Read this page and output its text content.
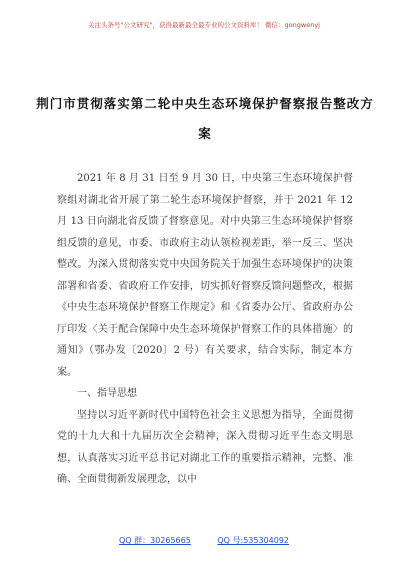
关注头条号"公文研究"，获得最新最全最专业的公文资料库！ 微信：gongwenyj
荆门市贯彻落实第二轮中央生态环境保护督察报告整改方
案

2021 年 8 月 31 日至 9 月 30 日，中央第三生态环境保护督察组对湖北省开展了第二轮生态环境保护督察，并于 2021 年 12 月 13 日向湖北省反馈了督察意见。对中央第三生态环境保护督察组反馈的意见，市委、市政府主动认领检视差距，举一反三、坚决整改。为深入贯彻落实党中央国务院关于加强生态环境保护的决策部署和省委、省政府工作安排，切实抓好督察反馈问题整改，根据《中央生态环境保护督察工作规定》和《省委办公厅、省政府办公厅印发〈关于配合保障中央生态环境保护督察工作的具体措施〉的通知》（鄂办发〔2020〕2 号）有关要求，结合实际，制定本方案。

一、指导思想

坚持以习近平新时代中国特色社会主义思想为指导，全面贯彻党的十九大和十九届历次全会精神，深入贯彻习近平生态文明思想，认真落实习近平总书记对湖北工作的重要指示精神，完整、准确、全面贯彻新发展理念，以中

QQ 群：30265665	QQ 号:535304092
